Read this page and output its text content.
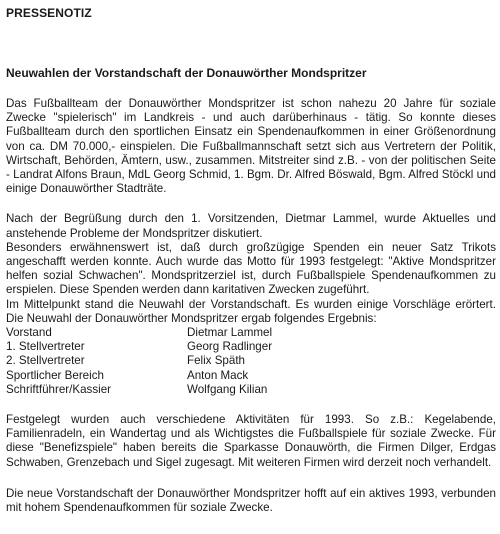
PRESSENOTIZ
Neuwahlen der Vorstandschaft der Donauwörther Mondspritzer

Das Fußballteam der Donauwörther Mondspritzer ist schon nahezu 20 Jahre für soziale Zwecke "spielerisch" im Landkreis - und auch darüberhinaus - tätig. So konnte dieses Fußballteam durch den sportlichen Einsatz ein Spendenaufkommen in einer Größenordnung von ca. DM 70.000,- einspielen. Die Fußballmannschaft setzt sich aus Vertretern der Politik, Wirtschaft, Behörden, Ämtern, usw., zusammen. Mitstreiter sind z.B. - von der politischen Seite - Landrat Alfons Braun, MdL Georg Schmid, 1. Bgm. Dr. Alfred Böswald, Bgm. Alfred Stöckl und einige Donauwörther Stadträte.

Nach der Begrüßung durch den 1. Vorsitzenden, Dietmar Lammel, wurde Aktuelles und anstehende Probleme der Mondspritzer diskutiert.

Besonders erwähnenswert ist, daß durch großzügige Spenden ein neuer Satz Trikots angeschafft werden konnte. Auch wurde das Motto für 1993 festgelegt: "Aktive Mondspritzer helfen sozial Schwachen". Mondspritzerziel ist, durch Fußballspiele Spendenaufkommen zu erspielen. Diese Spenden werden dann karitativen Zwecken zugeführt.

Im Mittelpunkt stand die Neuwahl der Vorstandschaft. Es wurden einige Vorschläge erörtert. Die Neuwahl der Donauwörther Mondspritzer ergab folgendes Ergebnis:

Vorstand	Dietmar Lammel
1. Stellvertreter	Georg Radlinger
2. Stellvertreter	Felix Späth
Sportlicher Bereich	Anton Mack
Schriftführer/Kassier	Wolfgang Kilian

Festgelegt wurden auch verschiedene Aktivitäten für 1993. So z.B.: Kegelabende, Familienradeln, ein Wandertag und als Wichtigstes die Fußballspiele für soziale Zwecke. Für diese "Benefizspiele" haben bereits die Sparkasse Donauwörth, die Firmen Dilger, Erdgas Schwaben, Grenzebach und Sigel zugesagt. Mit weiteren Firmen wird derzeit noch verhandelt.

Die neue Vorstandschaft der Donauwörther Mondspritzer hofft auf ein aktives 1993, verbunden mit hohem Spendenaufkommen für soziale Zwecke.
